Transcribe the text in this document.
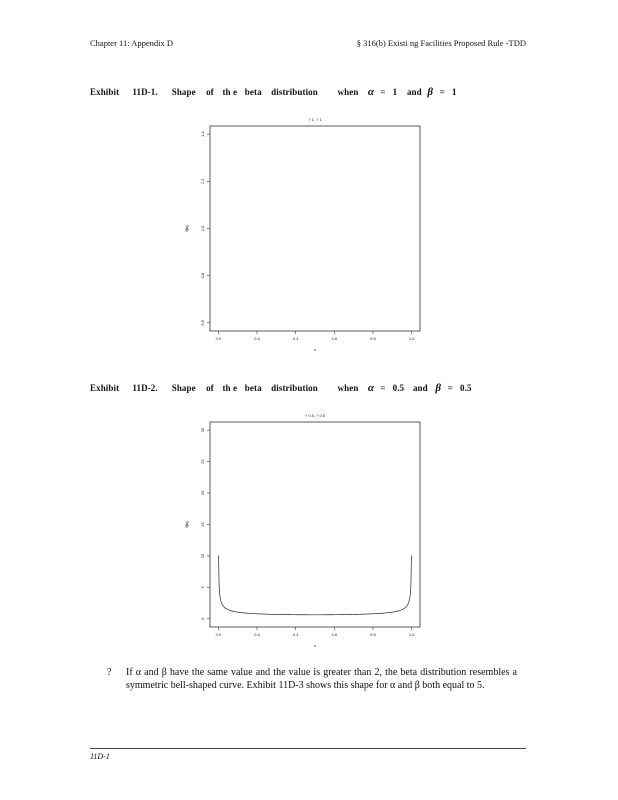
Chapter 11: Appendix D	§ 316(b) Existi ng Facilities Proposed Rule -TDD
Exhibit 11D-1. Shape of th e beta distribution when α = 1 and β = 1
? 1, ? 1
0.0	0.2	0.4	0.6	0.8	1.0
0.6
0.8
1.0
1.2
1.4
x
f(x)
Exhibit 11D-2. Shape of th e beta distribution when α = 0.5 and β = 0.5
? 0.5, ? 0.5
0.0	0.2	0.4	0.6	0.8	1.0
0
5
10
15
20
25
30
x
f(x)
? If α and β have the same value and the value is greater than 2, the beta distribution resembles a symmetric bell-shaped curve. Exhibit 11D-3 shows this shape for α and β both equal to 5.
11D-1
